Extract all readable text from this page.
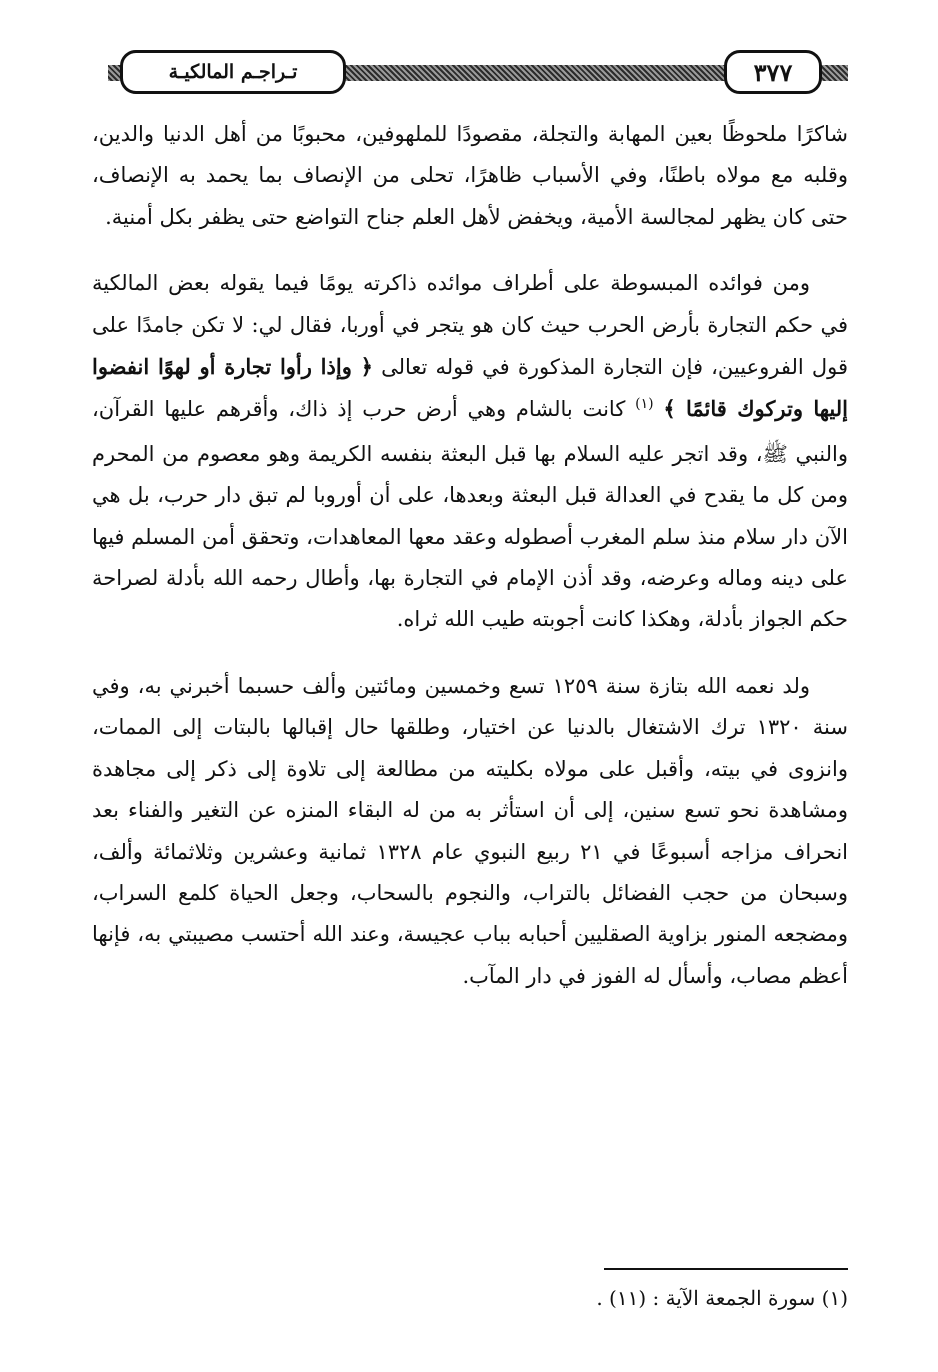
تـراجـم المالكيـة	٣٧٧

شاكرًا ملحوظًا بعين المهابة والتجلة، مقصودًا للملهوفين، محبوبًا من أهل الدنيا والدين، وقلبه مع مولاه باطنًا، وفي الأسباب ظاهرًا، تحلى من الإنصاف بما يحمد به الإنصاف، حتى كان يظهر لمجالسة الأمية، ويخفض لأهل العلم جناح التواضع حتى يظفر بكل أمنية.

ومن فوائده المبسوطة على أطراف موائده ذاكرته يومًا فيما يقوله بعض المالكية في حكم التجارة بأرض الحرب حيث كان هو يتجر في أوربا، فقال لي: لا تكن جامدًا على قول الفروعيين، فإن التجارة المذكورة في قوله تعالى ﴿ وإذا رأوا تجارة أو لهوًا انفضوا إليها وتركوك قائمًا ﴾ $^{(١)}$ كانت بالشام وهي أرض حرب إذ ذاك، وأقرهم عليها القرآن، والنبي ﷺ، وقد اتجر عليه السلام بها قبل البعثة بنفسه الكريمة وهو معصوم من المحرم ومن كل ما يقدح في العدالة قبل البعثة وبعدها، على أن أوروبا لم تبق دار حرب، بل هي الآن دار سلام منذ سلم المغرب أصطوله وعقد معها المعاهدات، وتحقق أمن المسلم فيها على دينه وماله وعرضه، وقد أذن الإمام في التجارة بها، وأطال رحمه الله بأدلة لصراحة حكم الجواز بأدلة، وهكذا كانت أجوبته طيب الله ثراه.

ولد نعمه الله بتازة سنة ١٢٥٩ تسع وخمسين ومائتين وألف حسبما أخبرني به، وفي سنة ١٣٢٠ ترك الاشتغال بالدنيا عن اختيار، وطلقها حال إقبالها بالبتات إلى الممات، وانزوى في بيته، وأقبل على مولاه بكليته من مطالعة إلى تلاوة إلى ذكر إلى مجاهدة ومشاهدة نحو تسع سنين، إلى أن استأثر به من له البقاء المنزه عن التغير والفناء بعد انحراف مزاجه أسبوعًا في ٢١ ربيع النبوي عام ١٣٢٨ ثمانية وعشرين وثلاثمائة وألف، وسبحان من حجب الفضائل بالتراب، والنجوم بالسحاب، وجعل الحياة كلمع السراب، ومضجعه المنور بزاوية الصقليين أحبابه بباب عجيسة، وعند الله أحتسب مصيبتي به، فإنها أعظم مصاب، وأسأل له الفوز في دار المآب.

(١) سورة الجمعة الآية : (١١) .
